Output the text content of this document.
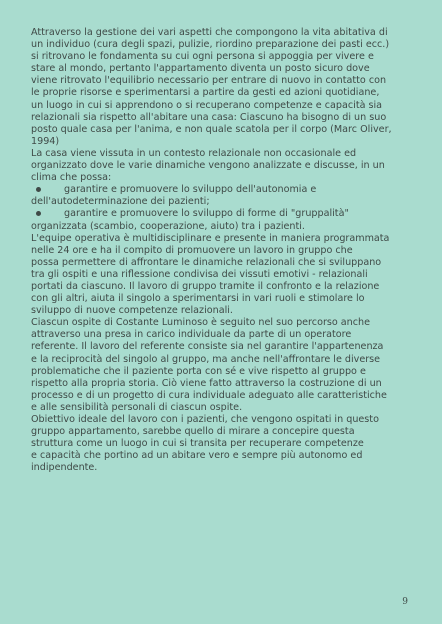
Attraverso la gestione dei vari aspetti che compongono la vita abitativa di
un individuo (cura degli spazi, pulizie, riordino preparazione dei pasti ecc.)
si ritrovano le fondamenta su cui ogni persona si appoggia per vivere e
stare al mondo, pertanto l'appartamento diventa un posto sicuro dove
viene ritrovato l'equilibrio necessario per entrare di nuovo in contatto con
le proprie risorse e sperimentarsi a partire da gesti ed azioni quotidiane,
un luogo in cui si apprendono o si recuperano competenze e capacità sia
relazionali sia rispetto all'abitare una casa: Ciascuno ha bisogno di un suo
posto quale casa per l'anima, e non quale scatola per il corpo (Marc Oliver,
1994)
La casa viene vissuta in un contesto relazionale non occasionale ed
organizzato dove le varie dinamiche vengono analizzate e discusse, in un
clima che possa:
garantire e promuovere lo sviluppo dell'autonomia e
dell'autodeterminazione dei pazienti;
garantire e promuovere lo sviluppo di forme di "gruppalità"
organizzata (scambio, cooperazione, aiuto) tra i pazienti.
L'equipe operativa è multidisciplinare e presente in maniera programmata
nelle 24 ore e ha il compito di promuovere un lavoro in gruppo che
possa permettere di affrontare le dinamiche relazionali che si sviluppano
tra gli ospiti e una riflessione condivisa dei vissuti emotivi - relazionali
portati da ciascuno. Il lavoro di gruppo tramite il confronto e la relazione
con gli altri, aiuta il singolo a sperimentarsi in vari ruoli e stimolare lo
sviluppo di nuove competenze relazionali.
Ciascun ospite di Costante Luminoso è seguito nel suo percorso anche
attraverso una presa in carico individuale da parte di un operatore
referente. Il lavoro del referente consiste sia nel garantire l'appartenenza
e la reciprocità del singolo al gruppo, ma anche nell'affrontare le diverse
problematiche che il paziente porta con sé e vive rispetto al gruppo e
rispetto alla propria storia. Ciò viene fatto attraverso la costruzione di un
processo e di un progetto di cura individuale adeguato alle caratteristiche
e alle sensibilità personali di ciascun ospite.
Obiettivo ideale del lavoro con i pazienti, che vengono ospitati in questo
gruppo appartamento, sarebbe quello di mirare a concepire questa
struttura come un luogo in cui si transita per recuperare competenze
e capacità che portino ad un abitare vero e sempre più autonomo ed
indipendente.
9
